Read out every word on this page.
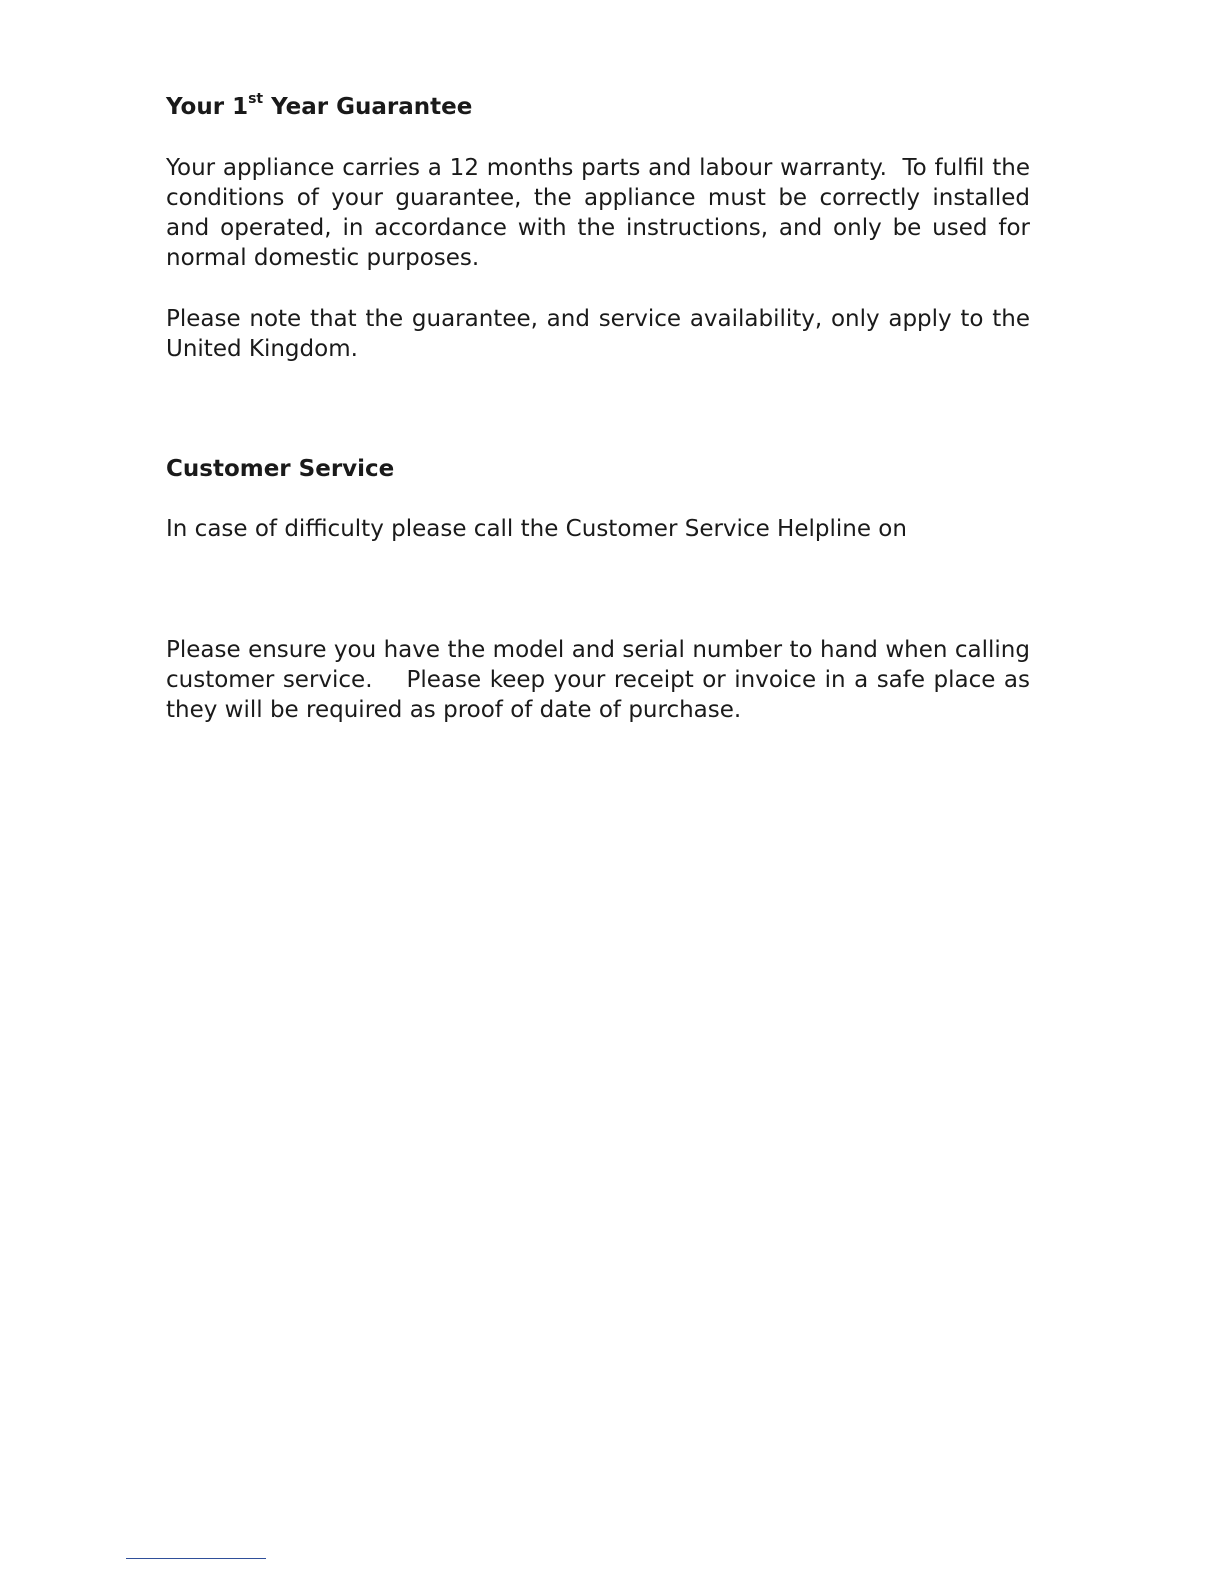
Your 1st Year Guarantee

Your appliance carries a 12 months parts and labour warranty.  To fulfil the conditions of your guarantee, the appliance must be correctly installed and operated, in accordance with the instructions, and only be used for normal domestic purposes.

Please note that the guarantee, and service availability, only apply to the United Kingdom.

Customer Service

In case of difficulty please call the Customer Service Helpline on

Please ensure you have the model and serial number to hand when calling customer service.    Please keep your receipt or invoice in a safe place as they will be required as proof of date of purchase.
